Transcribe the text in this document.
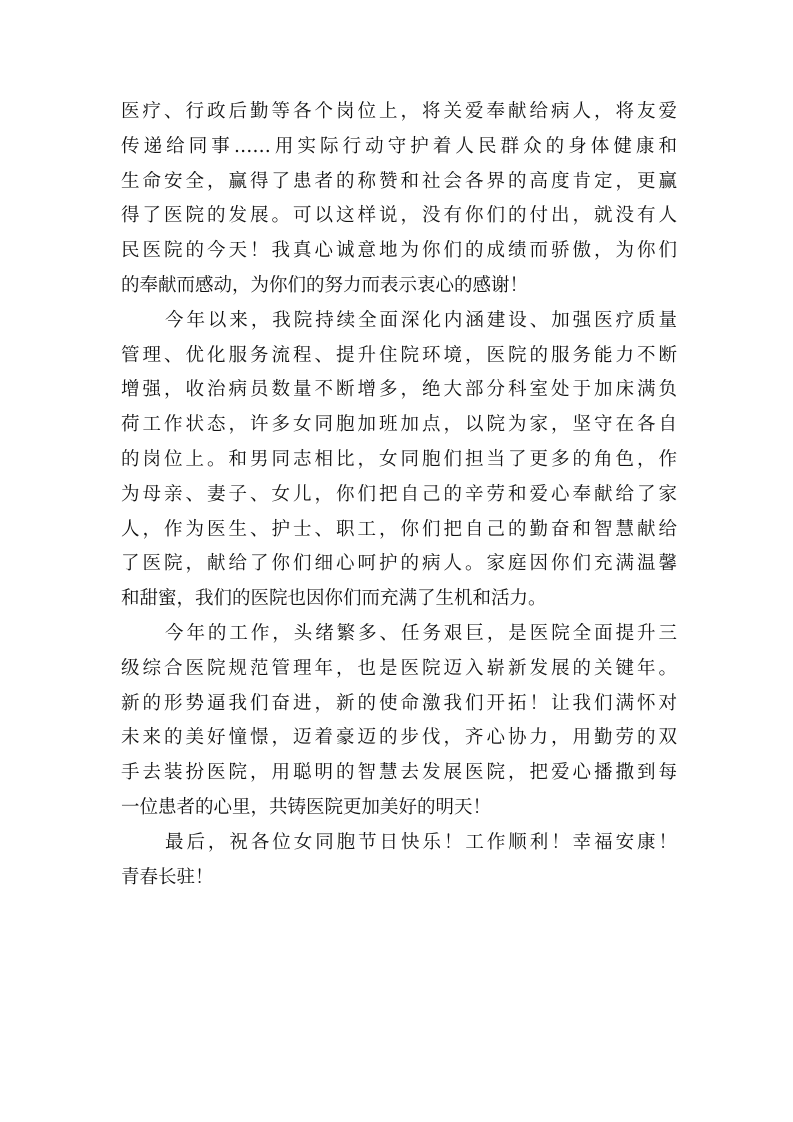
医疗、行政后勤等各个岗位上，将关爱奉献给病人，将友爱
传递给同事……用实际行动守护着人民群众的身体健康和
生命安全，赢得了患者的称赞和社会各界的高度肯定，更赢
得了医院的发展。可以这样说，没有你们的付出，就没有人
民医院的今天！我真心诚意地为你们的成绩而骄傲，为你们
的奉献而感动，为你们的努力而表示衷心的感谢！
今年以来，我院持续全面深化内涵建设、加强医疗质量
管理、优化服务流程、提升住院环境，医院的服务能力不断
增强，收治病员数量不断增多，绝大部分科室处于加床满负
荷工作状态，许多女同胞加班加点，以院为家，坚守在各自
的岗位上。和男同志相比，女同胞们担当了更多的角色，作
为母亲、妻子、女儿，你们把自己的辛劳和爱心奉献给了家
人，作为医生、护士、职工，你们把自己的勤奋和智慧献给
了医院，献给了你们细心呵护的病人。家庭因你们充满温馨
和甜蜜，我们的医院也因你们而充满了生机和活力。
今年的工作，头绪繁多、任务艰巨，是医院全面提升三
级综合医院规范管理年，也是医院迈入崭新发展的关键年。
新的形势逼我们奋进，新的使命激我们开拓！让我们满怀对
未来的美好憧憬，迈着豪迈的步伐，齐心协力，用勤劳的双
手去装扮医院，用聪明的智慧去发展医院，把爱心播撒到每
一位患者的心里，共铸医院更加美好的明天！
最后，祝各位女同胞节日快乐！工作顺利！幸福安康！
青春长驻！
